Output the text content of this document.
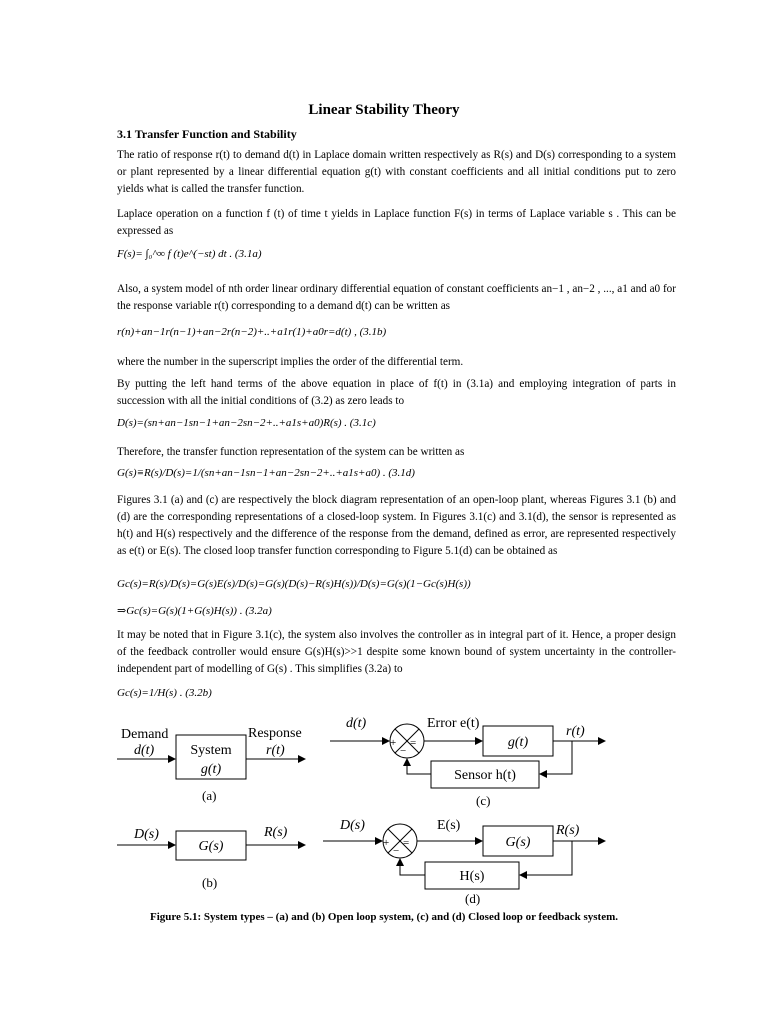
Linear Stability Theory
3.1 Transfer Function and Stability
The ratio of response r(t) to demand d(t) in Laplace domain written respectively as R(s) and D(s) corresponding to a system or plant represented by a linear differential equation g(t) with constant coefficients and all initial conditions put to zero yields what is called the transfer function.
Laplace operation on a function f (t) of time t yields in Laplace function F(s) in terms of Laplace variable s . This can be expressed as
F(s)= ∫₀^∞ f (t)e^(−st) dt . (3.1a)
Also, a system model of nth order linear ordinary differential equation of constant coefficients an−1 , an−2 , ..., a1 and a0 for the response variable r(t) corresponding to a demand d(t) can be written as
r(n)+an−1r(n−1)+an−2r(n−2)+..+a1r(1)+a0r=d(t) , (3.1b)
where the number in the superscript implies the order of the differential term.
By putting the left hand terms of the above equation in place of f(t) in (3.1a) and employing integration of parts in succession with all the initial conditions of (3.2) as zero leads to
D(s)=(sn+an−1sn−1+an−2sn−2+..+a1s+a0)R(s) . (3.1c)
Therefore, the transfer function representation of the system can be written as
G(s)≡R(s)/D(s)=1/(sn+an−1sn−1+an−2sn−2+..+a1s+a0) . (3.1d)
Figures 3.1 (a) and (c) are respectively the block diagram representation of an open-loop plant, whereas Figures 3.1 (b) and (d) are the corresponding representations of a closed-loop system. In Figures 3.1(c) and 3.1(d), the sensor is represented as h(t) and H(s) respectively and the difference of the response from the demand, defined as error, are represented respectively as e(t) or E(s). The closed loop transfer function corresponding to Figure 5.1(d) can be obtained as
Gc(s)=R(s)/D(s)=G(s)E(s)/D(s)=G(s)(D(s)−R(s)H(s))/D(s)=G(s)(1−Gc(s)H(s))
⇒Gc(s)=G(s)(1+G(s)H(s)) . (3.2a)
It may be noted that in Figure 3.1(c), the system also involves the controller as in integral part of it. Hence, a proper design of the feedback controller would ensure G(s)H(s)>>1 despite some known bound of system uncertainty in the controller-independent part of modelling of G(s) . This simplifies (3.2a) to
Gc(s)=1/H(s) . (3.2b)
Demand
d(t)	System
g(t)
Response
r(t)
(a)
D(s)
G(s)
R(s)
(b)
d(t)
+
−
=
Error e(t)
g(t)
r(t)
Sensor h(t)
(c)
D(s)
+
−
=
E(s)
G(s)
R(s)
H(s)
(d)
Figure 5.1: System types – (a) and (b) Open loop system, (c) and (d) Closed loop or feedback system.
